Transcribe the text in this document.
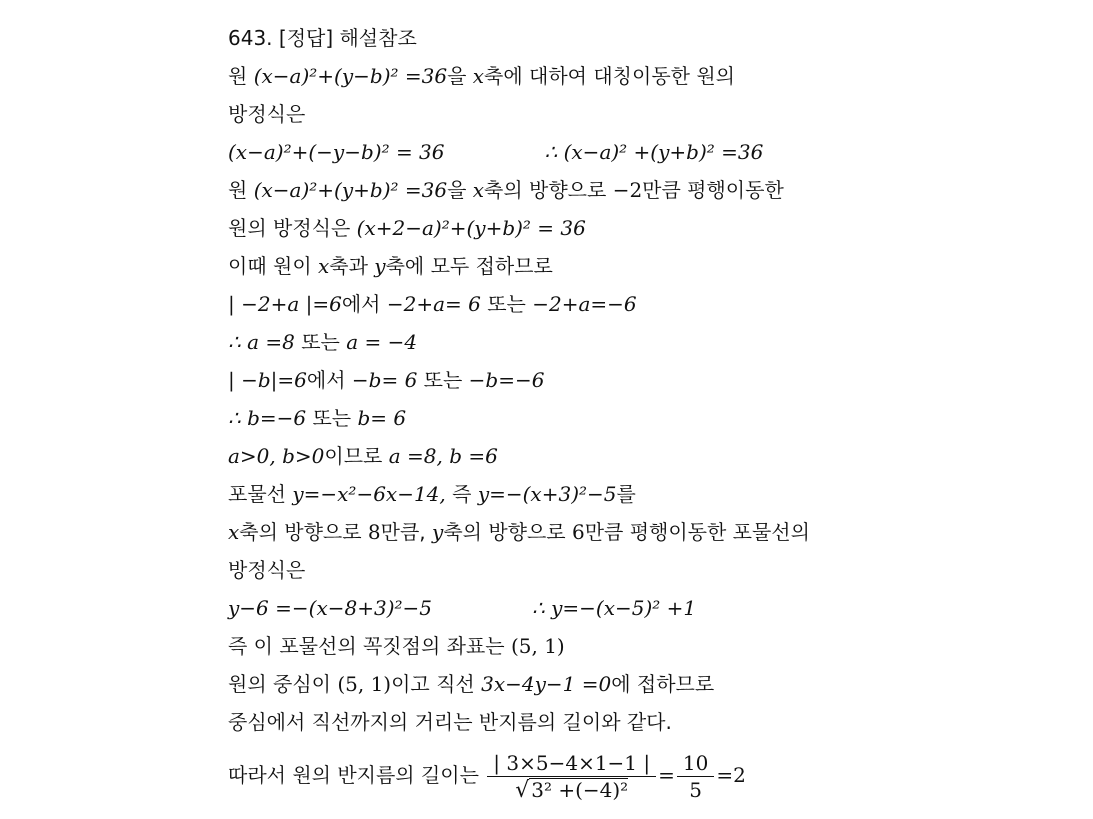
643. [정답] 해설참조
원 (x−a)²+(y−b)² =36을 x축에 대하여 대칭이동한 원의
방정식은
(x−a)²+(−y−b)² = 36	∴ (x−a)² +(y+b)² =36
원 (x−a)²+(y+b)² =36을 x축의 방향으로 −2만큼 평행이동한
원의 방정식은 (x+2−a)²+(y+b)² = 36
이때 원이 x축과 y축에 모두 접하므로
| −2+a |=6에서 −2+a= 6 또는 −2+a=−6
∴ a =8 또는 a = −4
| −b|=6에서 −b= 6 또는 −b=−6
∴ b=−6 또는 b= 6
a>0, b>0이므로 a =8, b =6
포물선 y=−x²−6x−14, 즉 y=−(x+3)²−5를
x축의 방향으로 8만큼, y축의 방향으로 6만큼 평행이동한 포물선의
방정식은
y−6 =−(x−8+3)²−5	∴ y=−(x−5)² +1
즉 이 포물선의 꼭짓점의 좌표는 (5, 1)
원의 중심이 (5, 1)이고 직선 3x−4y−1 =0에 접하므로
중심에서 직선까지의 거리는 반지름의 길이와 같다.
따라서 원의 반지름의 길이는 $\frac{| 3\times 5-4\times 1-1 |}{\text{√ 3² +(−4)²}} = \frac{10}{5} =2$
